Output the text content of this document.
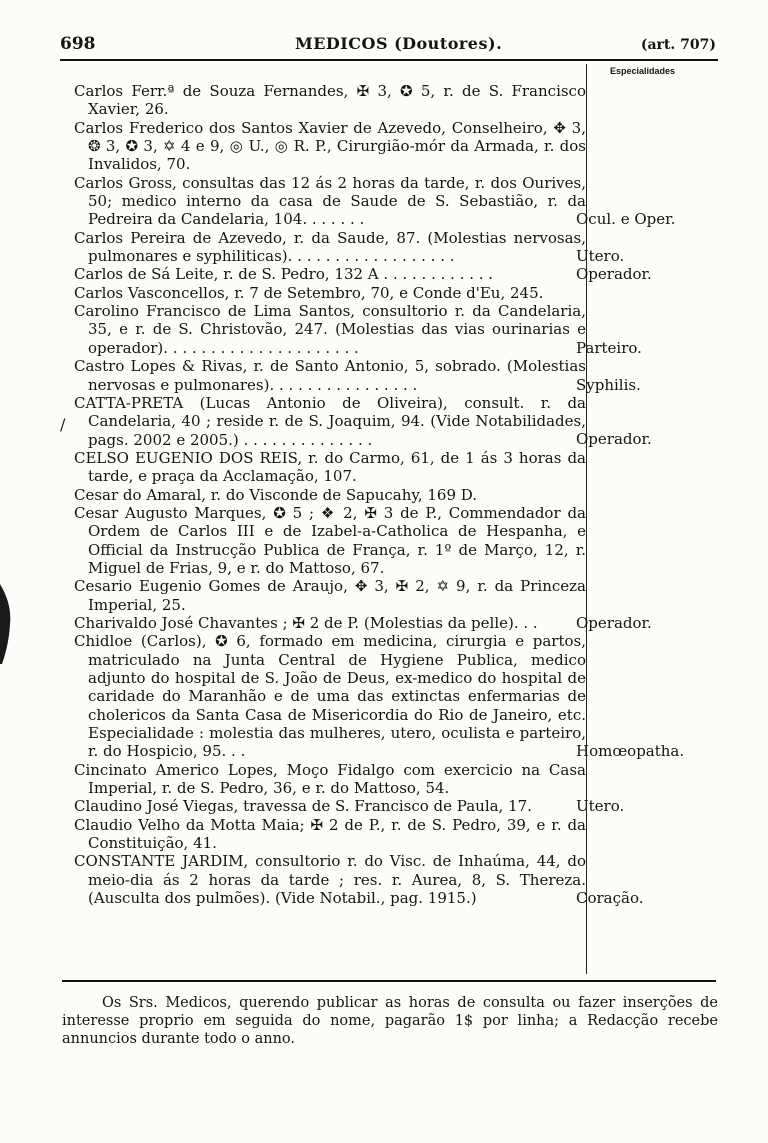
698	MEDICOS (Doutores).	(art. 707)
Especialidades
/
Carlos Ferr.ª de Souza Fernandes, ✠ 3, ✪ 5, r. de S. Francisco Xavier, 26.
Carlos Frederico dos Santos Xavier de Azevedo, Conselheiro, ✥ 3, ❂ 3, ✪ 3, ✡ 4 e 9, ◎ U., ◎ R. P., Cirurgião-mór da Armada, r. dos Invalidos, 70.
Carlos Gross, consultas das 12 ás 2 horas da tarde, r. dos Ourives, 50; medico interno da casa de Saude de S. Sebastião, r. da Pedreira da Candelaria, 104. . . . . . .	Ocul. e Oper.
Carlos Pereira de Azevedo, r. da Saude, 87. (Molestias nervosas, pulmonares e syphiliticas). . . . . . . . . . . . . . . . . .	Utero.
Carlos de Sá Leite, r. de S. Pedro, 132 A . . . . . . . . . . . .	Operador.
Carlos Vasconcellos, r. 7 de Setembro, 70, e Conde d'Eu, 245.
Carolino Francisco de Lima Santos, consultorio r. da Candelaria, 35, e r. de S. Christovão, 247. (Molestias das vias ourinarias e operador). . . . . . . . . . . . . . . . . . . . .	Parteiro.
Castro Lopes & Rivas, r. de Santo Antonio, 5, sobrado. (Molestias nervosas e pulmonares). . . . . . . . . . . . . . . .	Syphilis.
CATTA-PRETA (Lucas Antonio de Oliveira), consult. r. da Candelaria, 40 ; reside r. de S. Joaquim, 94. (Vide Notabilidades, pags. 2002 e 2005.) . . . . . . . . . . . . . .	Operador.
CELSO EUGENIO DOS REIS, r. do Carmo, 61, de 1 ás 3 horas da tarde, e praça da Acclamação, 107.
Cesar do Amaral, r. do Visconde de Sapucahy, 169 D.
Cesar Augusto Marques, ✪ 5 ; ❖ 2, ✠ 3 de P., Commendador da Ordem de Carlos III e de Izabel-a-Catholica de Hespanha, e Official da Instrucção Publica de França, r. 1º de Março, 12, r. Miguel de Frias, 9, e r. do Mattoso, 67.
Cesario Eugenio Gomes de Araujo, ✥ 3, ✠ 2, ✡ 9, r. da Princeza Imperial, 25.
Charivaldo José Chavantes ; ✠ 2 de P. (Molestias da pelle). . .	Operador.
Chidloe (Carlos), ✪ 6, formado em medicina, cirurgia e partos, matriculado na Junta Central de Hygiene Publica, medico adjunto do hospital de S. João de Deus, ex-medico do hospital de caridade do Maranhão e de uma das extinctas enfermarias de cholericos da Santa Casa de Misericordia do Rio de Janeiro, etc. Especialidade : molestia das mulheres, utero, oculista e parteiro, r. do Hospicio, 95. . .	Homœopatha.
Cincinato Americo Lopes, Moço Fidalgo com exercicio na Casa Imperial, r. de S. Pedro, 36, e r. do Mattoso, 54.
Claudino José Viegas, travessa de S. Francisco de Paula, 17.	Utero.
Claudio Velho da Motta Maia; ✠ 2 de P., r. de S. Pedro, 39, e r. da Constituição, 41.
CONSTANTE JARDIM, consultorio r. do Visc. de Inhaúma, 44, do meio-dia ás 2 horas da tarde ; res. r. Aurea, 8, S. Thereza. (Ausculta dos pulmões). (Vide Notabil., pag. 1915.)	Coração.
Os Srs. Medicos, querendo publicar as horas de consulta ou fazer inserções de interesse proprio em seguida do nome, pagarão 1$ por linha; a Redacção recebe annuncios durante todo o anno.
